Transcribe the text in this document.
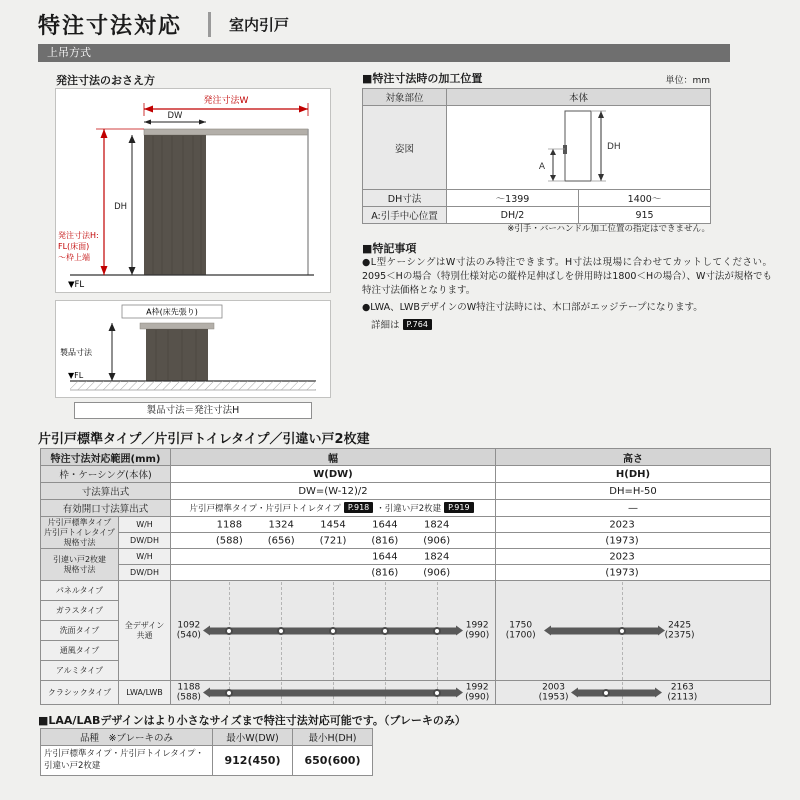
特注寸法対応	室内引戸
上吊方式
発注寸法のおさえ方
発注寸法W
DW
発注寸法H:
FL(床面)
～枠上端
DH
▼FL
A枠(床先張り)
製品寸法
▼FL
製品寸法＝発注寸法H
■特注寸法時の加工位置	単位：mm
対象部位	本体	
姿図	DH
A	

DH寸法	～1399	1400～
A:引手中心位置	DH/2	915
※引手・バーハンドル加工位置の指定はできません。
■特記事項
●L型ケーシングはW寸法のみ特注できます。H寸法は現場に合わせてカットしてください。2095＜Hの場合（特別仕様対応の縦枠足伸ばしを併用時は1800＜Hの場合）、W寸法が規格でも特注寸法価格となります。
●LWA、LWBデザインのW特注寸法時には、木口部がエッジテープになります。
詳細は P.764
片引戸標準タイプ／片引戸トイレタイプ／引違い戸2枚建
特注寸法対応範囲(mm)		幅	高さ
枠・ケーシング(本体)		W(DW)	H(DH)
寸法算出式		DW=(W-12)/2	DH=H-50
有効開口寸法算出式		片引戸標準タイプ・片引戸トイレタイプ P.918 ・引違い戸2枚建 P.919	—

片引戸標準タイプ
片引戸トイレタイプ
規格寸法
	W/H	1188	1324	1454	1644	1824	2023

	DW/DH	(588) (656) (721) (816) (906)	(1973)

引違い戸2枚建
規格寸法
	W/H	1644	1824	2023

	DW/DH	(816) (906)	(1973)

パネルタイプ	全デザイン共通	
1092
(540)
1992
(990)

1750
(1700)
2425
(2375)

ガラスタイプ			
洗面タイプ			
通風タイプ			
アルミタイプ			
クラシックタイプ	LWA/LWB	
1188
(588)
1992
(990)

2003
(1953)
2163
(2113)
■LAA/LABデザインはより小さなサイズまで特注寸法対応可能です。（ブレーキのみ）
品種　※ブレーキのみ	最小W(DW)	最小H(DH)
片引戸標準タイプ・片引戸トイレタイプ・引違い戸2枚建	912(450)	650(600)
